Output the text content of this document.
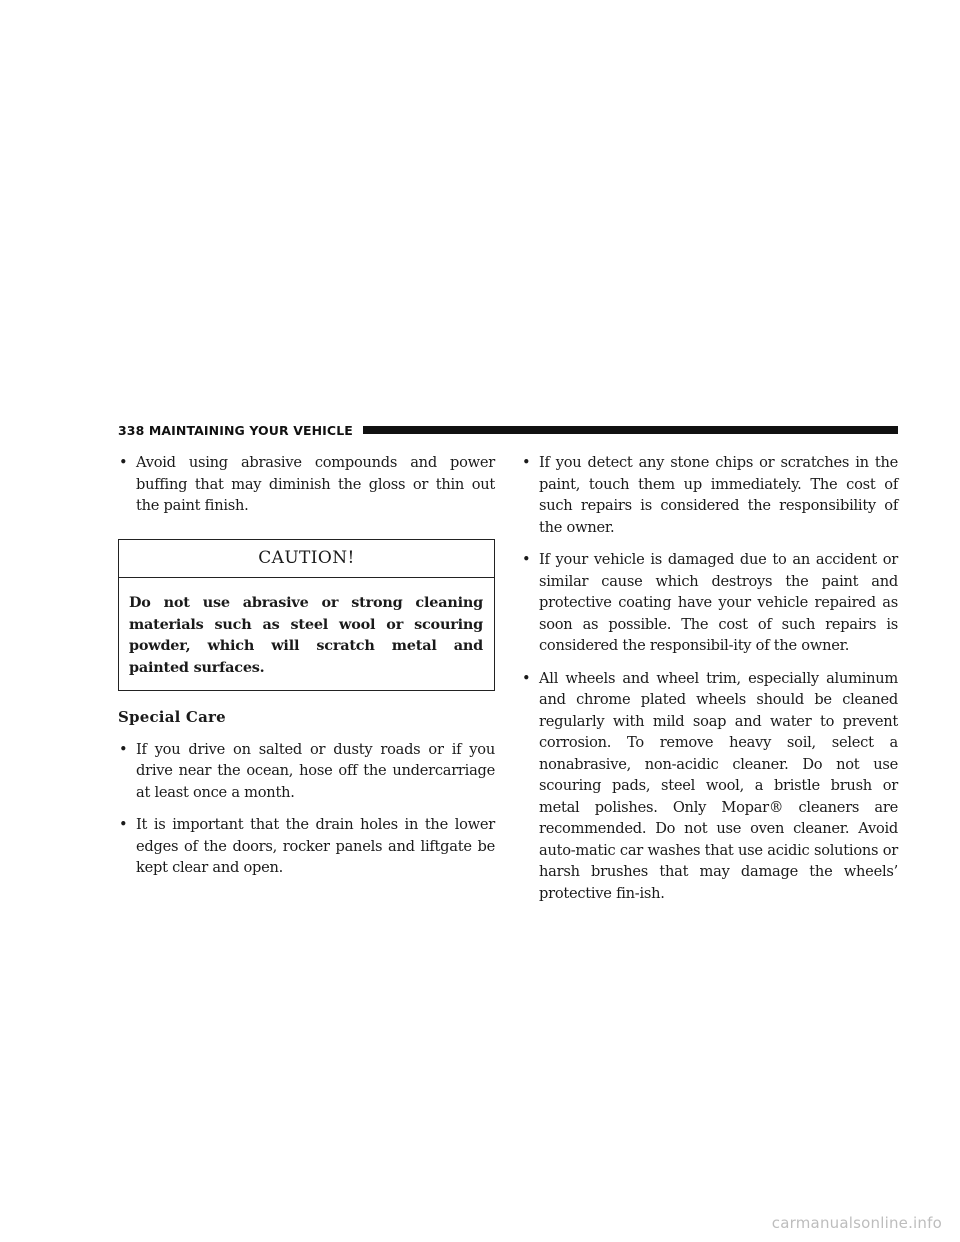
338 MAINTAINING YOUR VEHICLE
• Avoid using abrasive compounds and power buffing that may diminish the gloss or thin out the paint finish.
CAUTION!
Do not use abrasive or strong cleaning materials such as steel wool or scouring powder, which will scratch metal and painted surfaces.
Special Care
• If you drive on salted or dusty roads or if you drive near the ocean, hose off the undercarriage at least once a month.
• It is important that the drain holes in the lower edges of the doors, rocker panels and liftgate be kept clear and open.
• If you detect any stone chips or scratches in the paint, touch them up immediately. The cost of such repairs is considered the responsibility of the owner.
• If your vehicle is damaged due to an accident or similar cause which destroys the paint and protective coating have your vehicle repaired as soon as possible. The cost of such repairs is considered the responsibil-ity of the owner.
• All wheels and wheel trim, especially aluminum and chrome plated wheels should be cleaned regularly with mild soap and water to prevent corrosion. To remove heavy soil, select a nonabrasive, non-acidic cleaner. Do not use scouring pads, steel wool, a bristle brush or metal polishes. Only Mopar® cleaners are recommended. Do not use oven cleaner. Avoid auto-matic car washes that use acidic solutions or harsh brushes that may damage the wheels’ protective fin-ish.
carmanualsonline.info
